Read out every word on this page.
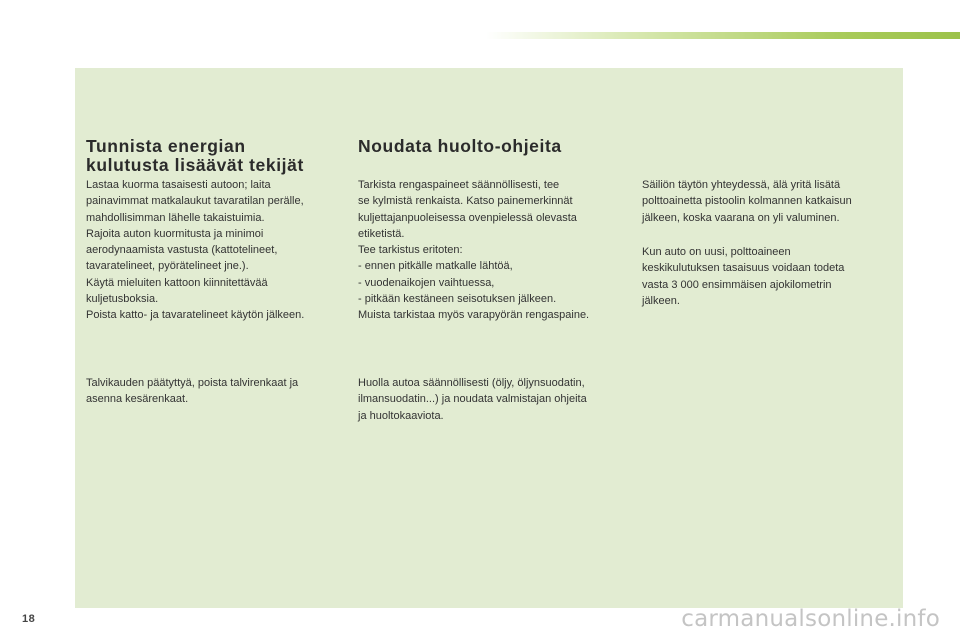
Tunnista energian
kulutusta lisäävät tekijät

Lastaa kuorma tasaisesti autoon; laita
painavimmat matkalaukut tavaratilan perälle,
mahdollisimman lähelle takaistuimia.
Rajoita auton kuormitusta ja minimoi
aerodynaamista vastusta (kattotelineet,
tavaratelineet, pyörätelineet jne.).
Käytä mieluiten kattoon kiinnitettävää
kuljetusboksia.
Poista katto- ja tavaratelineet käytön jälkeen.

Talvikauden päätyttyä, poista talvirenkaat ja
asenna kesärenkaat.

Noudata huolto-ohjeita

Tarkista rengaspaineet säännöllisesti, tee
se kylmistä renkaista. Katso painemerkinnät
kuljettajanpuoleisessa ovenpielessä olevasta
etiketistä.
Tee tarkistus eritoten:
- ennen pitkälle matkalle lähtöä,
- vuodenaikojen vaihtuessa,
- pitkään kestäneen seisotuksen jälkeen.
Muista tarkistaa myös varapyörän rengaspaine.

Huolla autoa säännöllisesti (öljy, öljynsuodatin,
ilmansuodatin...) ja noudata valmistajan ohjeita
ja huoltokaaviota.

Säiliön täytön yhteydessä, älä yritä lisätä
polttoainetta pistoolin kolmannen katkaisun
jälkeen, koska vaarana on yli valuminen.

Kun auto on uusi, polttoaineen
keskikulutuksen tasaisuus voidaan todeta
vasta 3 000 ensimmäisen ajokilometrin
jälkeen.

18	carmanualsonline.info
